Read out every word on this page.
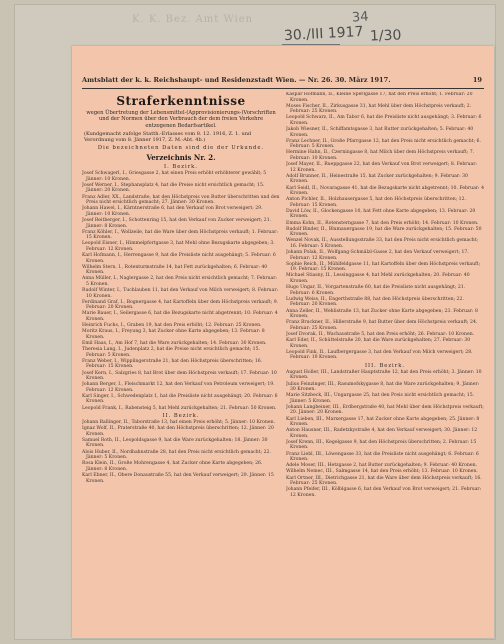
K. K. Bez. Amt Wien	34
30./III 1917 1/30
Amtsblatt der k. k. Reichshaupt- und Residenzstadt Wien. — Nr. 26. 30. März 1917.	19
Straferkenntnisse
wegen Übertretung der Lebensmittel-(Approvisionierungs-)Vorschriften und der Normen über den Verbrauch der dem freien Verkehre entzogenen Bedarfsartikel.
(Kundgemacht zufolge Statth.-Erlasses vom 8. 12. 1916, Z. 1. und Verordnung vom 8. Jänner 1917, Z. M.-Abt. 4b.)
Die bezeichneten Daten sind die der Urkunde.
Verzeichnis Nr. 2.
I. Bezirk.
Josef Schwagerl, I., Griesgasse 2, hat einen Preis erhöht erhöhterer gewählt; 5 Jänner: 10 Kronen.
Josef Werner, I., Stephansplatz 4, hat die Preise nicht ersichtlich gemacht; 15. Jänner: 20 Kronen.
Franz Adler, XX., Landstraße, hat den Höchstpreis von Butter überschritten und den Preis nicht ersichtlich gemacht; 27. Jänner: 30 Kronen.
Johann Hawel, I., Kärntnerstraße 6, hat den Verkauf von Brot verweigert; 29. Jänner: 10 Kronen.
Josef Reitberger, I., Schottenring 15, hat den Verkauf von Zucker verweigert; 21. Jänner: 8 Kronen.
Franz Köhler, I., Wollzeile, hat die Ware über dem Höchstpreis verkauft; 1. Februar: 15 Kronen.
Leopold Eisner, I., Himmelpfortgasse 3, hat Mehl ohne Bezugskarte abgegeben; 3. Februar: 12 Kronen.
Karl Hofmann, I., Herrengasse 9, hat die Preisliste nicht ausgehängt; 5. Februar: 6 Kronen.
Wilhelm Stern, I., Rotenturmstraße 14, hat Fett zurückgehalten; 6. Februar: 40 Kronen.
Anna Müller, I., Naglergasse 2, hat den Preis nicht ersichtlich gemacht; 7. Februar: 5 Kronen.
Rudolf Winter, I., Tuchlauben 11, hat den Verkauf von Milch verweigert; 8. Februar: 10 Kronen.
Ferdinand Graf, I., Bognergasse 4, hat Kartoffeln über dem Höchstpreis verkauft; 9. Februar: 20 Kronen.
Marie Bauer, I., Seilergasse 6, hat die Bezugskarte nicht abgetrennt; 10. Februar: 4 Kronen.
Heinrich Fuchs, I., Graben 19, hat den Preis erhöht; 12. Februar: 25 Kronen.
Moritz Kraus, I., Freyung 3, hat Zucker ohne Karte abgegeben; 13. Februar: 8 Kronen.
Emil Haas, I., Am Hof 7, hat die Ware zurückgehalten; 14. Februar: 30 Kronen.
Theresia Lang, I., Judenplatz 2, hat die Preise nicht ersichtlich gemacht; 15. Februar: 5 Kronen.
Franz Weber, I., Wipplingerstraße 21, hat den Höchstpreis überschritten; 16. Februar: 15 Kronen.
Josef Kern, I., Salzgries 8, hat Brot über dem Höchstpreis verkauft; 17. Februar: 10 Kronen.
Johann Berger, I., Fleischmarkt 12, hat den Verkauf von Petroleum verweigert; 19. Februar: 12 Kronen.
Karl Singer, I., Schwedenplatz 1, hat die Preisliste nicht ausgehängt; 20. Februar: 6 Kronen.
Leopold Frank, I., Rabensteig 5, hat Mehl zurückgehalten; 21. Februar: 50 Kronen.
II. Bezirk.
Johann Ballinger, II., Taborstraße 13, hat einen Preis erhöht; 5. Jänner: 10 Kronen.
Ignaz Wolf, II., Praterstraße 40, hat den Höchstpreis überschritten; 12. Jänner: 20 Kronen.
Samuel Roth, II., Leopoldsgasse 9, hat die Ware zurückgehalten; 18. Jänner: 30 Kronen.
Alois Huber, II., Nordbahnstraße 28, hat den Preis nicht ersichtlich gemacht; 22. Jänner: 5 Kronen.
Rosa Klein, II., Große Mohrengasse 4, hat Zucker ohne Karte abgegeben; 26. Jänner: 8 Kronen.
Karl Ebner, II., Obere Donaustraße 55, hat den Verkauf verweigert; 29. Jänner: 15 Kronen.
Kaspar Hofmann, II., Kleine Sperlgasse 17, hat den Preis erhöht; 1. Februar: 20 Kronen.
Moses Fischer, II., Zirkusgasse 31, hat Mehl über dem Höchstpreis verkauft; 2. Februar: 25 Kronen.
Leopold Schwarz, II., Am Tabor 6, hat die Preisliste nicht ausgehängt; 3. Februar: 6 Kronen.
Jakob Wiesner, II., Schiffamtsgasse 3, hat Butter zurückgehalten; 5. Februar: 40 Kronen.
Franz Lechner, II., Große Pfarrgasse 12, hat den Preis nicht ersichtlich gemacht; 6. Februar: 5 Kronen.
Hermine Hahn, II., Czerningasse 8, hat Milch über dem Höchstpreis verkauft; 7. Februar: 10 Kronen.
Josef Mayer, II., Rueppgasse 22, hat den Verkauf von Brot verweigert; 8. Februar: 12 Kronen.
Adolf Brunner, II., Heinestraße 15, hat Zucker zurückgehalten; 9. Februar: 30 Kronen.
Karl Seidl, II., Novaragasse 41, hat die Bezugskarte nicht abgetrennt; 10. Februar: 4 Kronen.
Anton Pichler, II., Holzhausergasse 5, hat den Höchstpreis überschritten; 12. Februar: 15 Kronen.
David Löw, II., Glockengasse 10, hat Fett ohne Karte abgegeben; 13. Februar: 20 Kronen.
Emma Kohn, II., Rotensterngasse 7, hat den Preis erhöht; 14. Februar: 10 Kronen.
Rudolf Binder, II., Blumauergasse 19, hat die Ware zurückgehalten; 15. Februar: 50 Kronen.
Wenzel Novak, II., Ausstellungsstraße 33, hat den Preis nicht ersichtlich gemacht; 16. Februar: 5 Kronen.
Johann Polak, II., Wolfgang-Schmälzl-Gasse 2, hat den Verkauf verweigert; 17. Februar: 12 Kronen.
Sophie Reich, II., Mühlfeldgasse 11, hat Kartoffeln über dem Höchstpreis verkauft; 19. Februar: 15 Kronen.
Michael Stiasny, II., Lessinggasse 4, hat Mehl zurückgehalten; 20. Februar: 40 Kronen.
Hugo Ungar, II., Vorgartenstraße 60, hat die Preisliste nicht ausgehängt; 21. Februar: 6 Kronen.
Ludwig Weiss, II., Engerthstraße 88, hat den Höchstpreis überschritten; 22. Februar: 20 Kronen.
Anna Zeller, II., Wehlistraße 13, hat Zucker ohne Karte abgegeben; 23. Februar: 8 Kronen.
Franz Bruckner, II., Hillerstraße 9, hat Butter über dem Höchstpreis verkauft; 24. Februar: 25 Kronen.
Josef Dvorak, II., Wachaustraße 5, hat den Preis erhöht; 26. Februar: 10 Kronen.
Karl Eder, II., Schüttelstraße 20, hat die Ware zurückgehalten; 27. Februar: 30 Kronen.
Leopold Fink, II., Laufbergergasse 3, hat den Verkauf von Milch verweigert; 28. Februar: 10 Kronen.
III. Bezirk.
August Holler, III., Landstraßer Hauptstraße 12, hat den Preis erhöht; 3. Jänner: 10 Kronen.
Julius Feinzinger, III., Rasumofskygasse 8, hat die Ware zurückgehalten; 9. Jänner: 30 Kronen.
Marie Sitzbeck, III., Ungargasse 25, hat den Preis nicht ersichtlich gemacht; 15. Jänner: 5 Kronen.
Johann Langbeiner, III., Erdbergstraße 40, hat Mehl über dem Höchstpreis verkauft; 20. Jänner: 20 Kronen.
Karl Lieben, III., Marxergasse 17, hat Zucker ohne Karte abgegeben; 25. Jänner: 8 Kronen.
Anton Hausner, III., Radetzkystraße 4, hat den Verkauf verweigert; 30. Jänner: 12 Kronen.
Josef Krenn, III., Kegelgasse 9, hat den Höchstpreis überschritten; 2. Februar: 15 Kronen.
Franz Liebl, III., Löwengasse 33, hat die Preisliste nicht ausgehängt; 6. Februar: 6 Kronen.
Adele Moser, III., Hetzgasse 2, hat Butter zurückgehalten; 9. Februar: 40 Kronen.
Wilhelm Nemec, III., Salmgasse 14, hat den Preis erhöht; 13. Februar: 10 Kronen.
Karl Ortner, III., Dietrichgasse 21, hat die Ware über dem Höchstpreis verkauft; 16. Februar: 25 Kronen.
Johann Pfeifer, III., Kölblgasse 6, hat den Verkauf von Brot verweigert; 21. Februar: 12 Kronen.
